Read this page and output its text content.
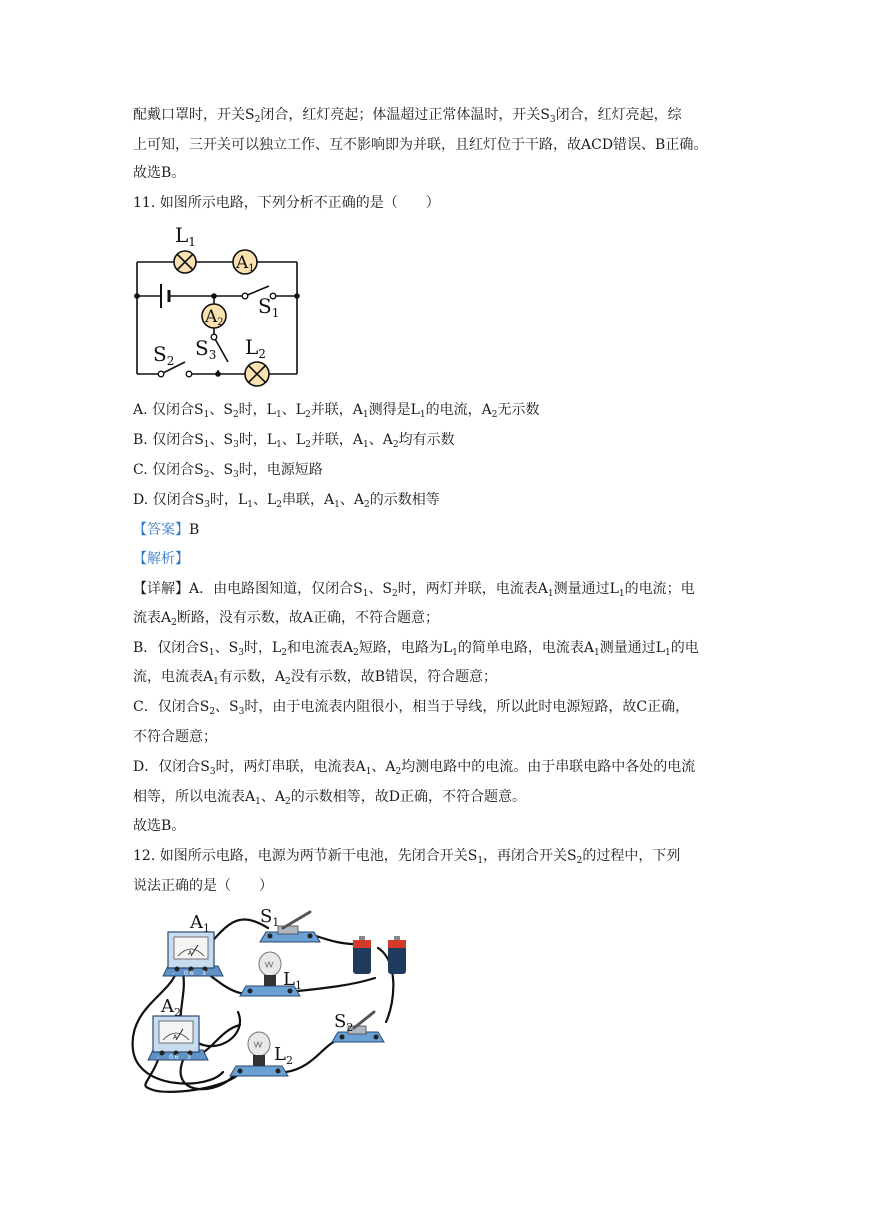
配戴口罩时，开关$S_2$闭合，红灯亮起；体温超过正常体温时，开关$S_3$闭合，红灯亮起，综
上可知，三开关可以独立工作、互不影响即为并联，且红灯位于干路，故ACD错误、B正确。
故选B。
11. 如图所示电路，下列分析不正确的是（　　）
$L_1$
A1
A2
$S_1$
$S_2$
$S_3$ $L_2$
A. 仅闭合$S_1$、$S_2$时，$L_1$、$L_2$并联，$A_1$测得是$L_1$的电流，$A_2$无示数
B. 仅闭合$S_1$、$S_3$时，$L_1$、$L_2$并联，$A_1$、$A_2$均有示数
C. 仅闭合$S_2$、$S_3$时，电源短路
D. 仅闭合$S_3$时，$L_1$、$L_2$串联，$A_1$、$A_2$的示数相等
【答案】B
【解析】
【详解】A．由电路图知道，仅闭合$S_1$、$S_2$时，两灯并联，电流表$A_1$测量通过$L_1$的电流；电
流表$A_2$断路，没有示数，故A正确，不符合题意；
B．仅闭合$S_1$、$S_3$时，$L_2$和电流表$A_2$短路，电路为$L_1$的简单电路，电流表$A_1$测量通过$L_1$的电
流，电流表$A_1$有示数，$A_2$没有示数，故B错误，符合题意；
C．仅闭合$S_2$、$S_3$时，由于电流表内阻很小，相当于导线，所以此时电源短路，故C正确，
不符合题意；
D．仅闭合$S_3$时，两灯串联，电流表$A_1$、$A_2$均测电路中的电流。由于串联电路中各处的电流
相等，所以电流表$A_1$、$A_2$的示数相等，故D正确，不符合题意。
故选B。
12. 如图所示电路，电源为两节新干电池，先闭合开关$S_1$，再闭合开关$S_2$的过程中，下列
说法正确的是（　　）
A
- 0.6 3
$A_1$
A
- 0.6 3
$A_2$
$S_1$
$L_1$
$S_2$
$L_2$
